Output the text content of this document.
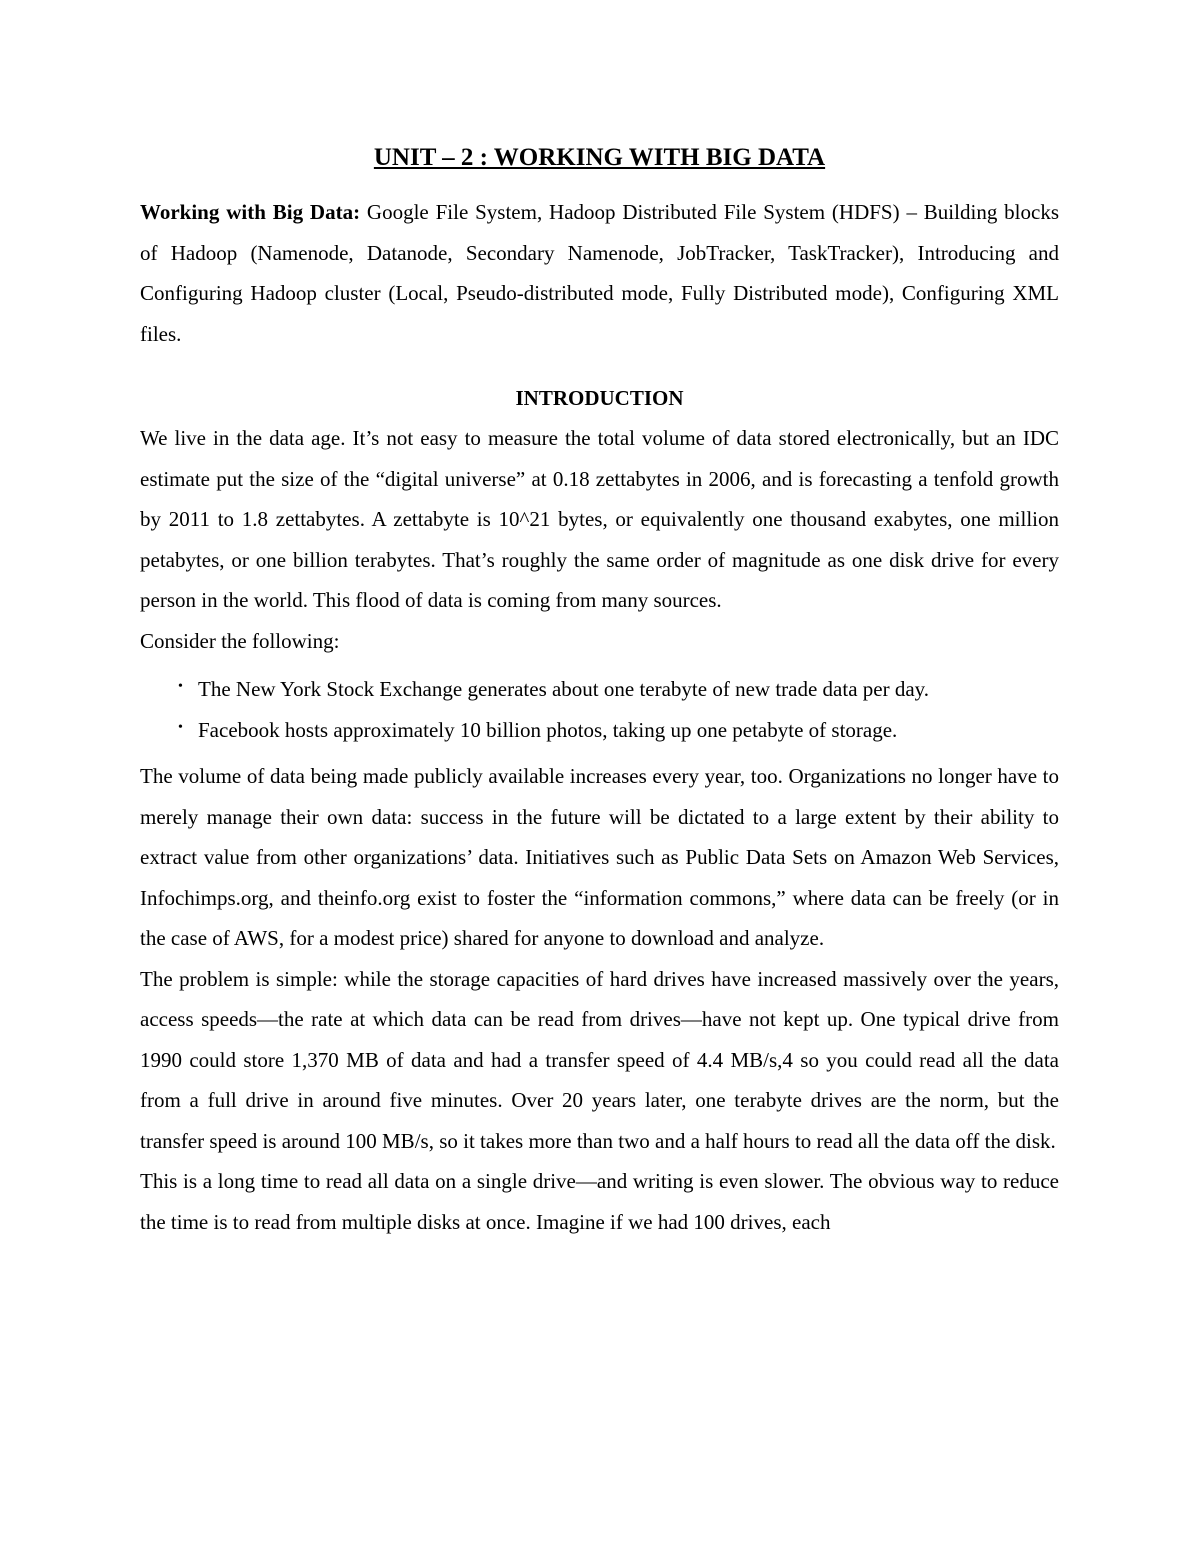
UNIT – 2 : WORKING WITH BIG DATA

Working with Big Data: Google File System, Hadoop Distributed File System (HDFS) – Building blocks of Hadoop (Namenode, Datanode, Secondary Namenode, JobTracker, TaskTracker), Introducing and Configuring Hadoop cluster (Local, Pseudo-distributed mode, Fully Distributed mode), Configuring XML files.

INTRODUCTION

We live in the data age. It’s not easy to measure the total volume of data stored electronically, but an IDC estimate put the size of the “digital universe” at 0.18 zettabytes in 2006, and is forecasting a tenfold growth by 2011 to 1.8 zettabytes. A zettabyte is 10^21 bytes, or equivalently one thousand exabytes, one million petabytes, or one billion terabytes. That’s roughly the same order of magnitude as one disk drive for every person in the world. This flood of data is coming from many sources.

Consider the following:

• The New York Stock Exchange generates about one terabyte of new trade data per day.
• Facebook hosts approximately 10 billion photos, taking up one petabyte of storage.

The volume of data being made publicly available increases every year, too. Organizations no longer have to merely manage their own data: success in the future will be dictated to a large extent by their ability to extract value from other organizations’ data. Initiatives such as Public Data Sets on Amazon Web Services, Infochimps.org, and theinfo.org exist to foster the “information commons,” where data can be freely (or in the case of AWS, for a modest price) shared for anyone to download and analyze.

The problem is simple: while the storage capacities of hard drives have increased massively over the years, access speeds—the rate at which data can be read from drives—have not kept up. One typical drive from 1990 could store 1,370 MB of data and had a transfer speed of 4.4 MB/s,4 so you could read all the data from a full drive in around five minutes. Over 20 years later, one terabyte drives are the norm, but the transfer speed is around 100 MB/s, so it takes more than two and a half hours to read all the data off the disk.

This is a long time to read all data on a single drive—and writing is even slower. The obvious way to reduce the time is to read from multiple disks at once. Imagine if we had 100 drives, each
